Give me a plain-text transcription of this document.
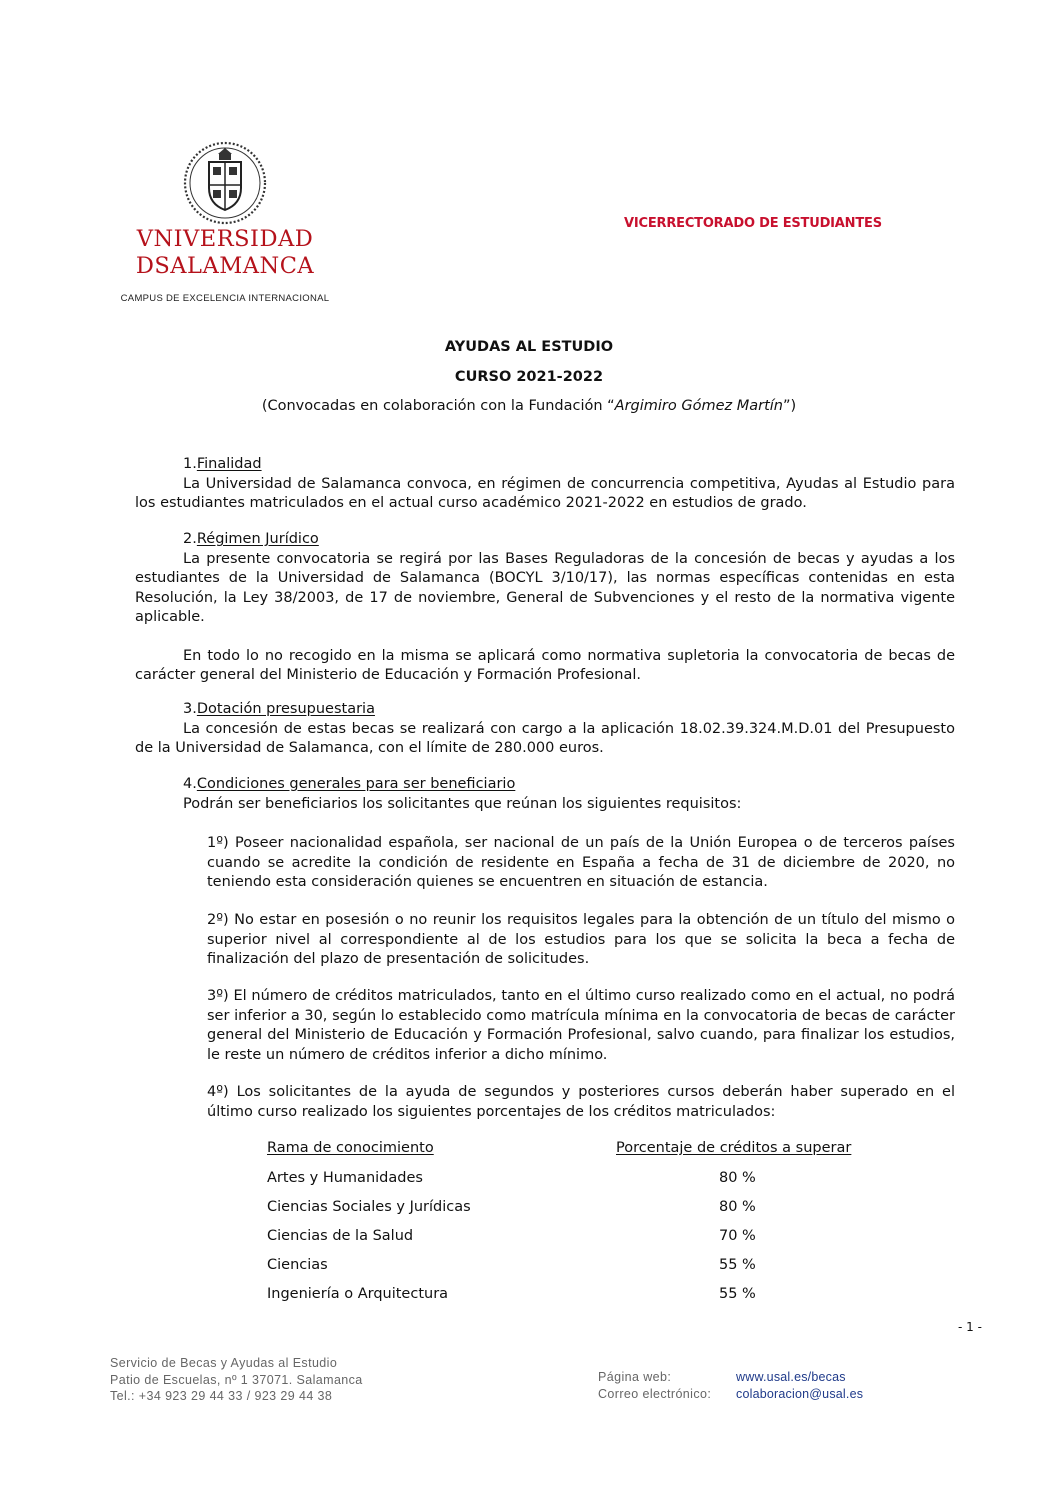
VNIVERSIDAD
DSALAMANCA
CAMPUS DE EXCELENCIA INTERNACIONAL
VICERRECTORADO DE ESTUDIANTES
AYUDAS AL ESTUDIO
CURSO 2021-2022
(Convocadas en colaboración con la Fundación “Argimiro Gómez Martín”)

1.Finalidad

La Universidad de Salamanca convoca, en régimen de concurrencia competitiva, Ayudas al Estudio para los estudiantes matriculados en el actual curso académico 2021-2022 en estudios de grado.

2.Régimen Jurídico

La presente convocatoria se regirá por las Bases Reguladoras de la concesión de becas y ayudas a los estudiantes de la Universidad de Salamanca (BOCYL 3/10/17), las normas específicas contenidas en esta Resolución, la Ley 38/2003, de 17 de noviembre, General de Subvenciones y el resto de la normativa vigente aplicable.

En todo lo no recogido en la misma se aplicará como normativa supletoria la convocatoria de becas de carácter general del Ministerio de Educación y Formación Profesional.

3.Dotación presupuestaria

La concesión de estas becas se realizará con cargo a la aplicación 18.02.39.324.M.D.01 del Presupuesto de la Universidad de Salamanca, con el límite de 280.000 euros.

4.Condiciones generales para ser beneficiario

Podrán ser beneficiarios los solicitantes que reúnan los siguientes requisitos:

1º) Poseer nacionalidad española, ser nacional de un país de la Unión Europea o de terceros países cuando se acredite la condición de residente en España a fecha de 31 de diciembre de 2020, no teniendo esta consideración quienes se encuentren en situación de estancia.

2º) No estar en posesión o no reunir los requisitos legales para la obtención de un título del mismo o superior nivel al correspondiente al de los estudios para los que se solicita la beca a fecha de finalización del plazo de presentación de solicitudes.

3º) El número de créditos matriculados, tanto en el último curso realizado como en el actual, no podrá ser inferior a 30, según lo establecido como matrícula mínima en la convocatoria de becas de carácter general del Ministerio de Educación y Formación Profesional, salvo cuando, para finalizar los estudios, le reste un número de créditos inferior a dicho mínimo.

4º) Los solicitantes de la ayuda de segundos y posteriores cursos deberán haber superado en el último curso realizado los siguientes porcentajes de los créditos matriculados:

Rama de conocimiento	Porcentaje de créditos a superar
Artes y Humanidades	80 %
Ciencias Sociales y Jurídicas	80 %
Ciencias de la Salud	70 %
Ciencias	55 %
Ingeniería o Arquitectura	55 %
- 1 -
Servicio de Becas y Ayudas al Estudio
Patio de Escuelas, nº 1 37071. Salamanca
Tel.: +34 923 29 44 33 / 923 29 44 38
Página web:	www.usal.es/becas
Correo electrónico: colaboracion@usal.es
